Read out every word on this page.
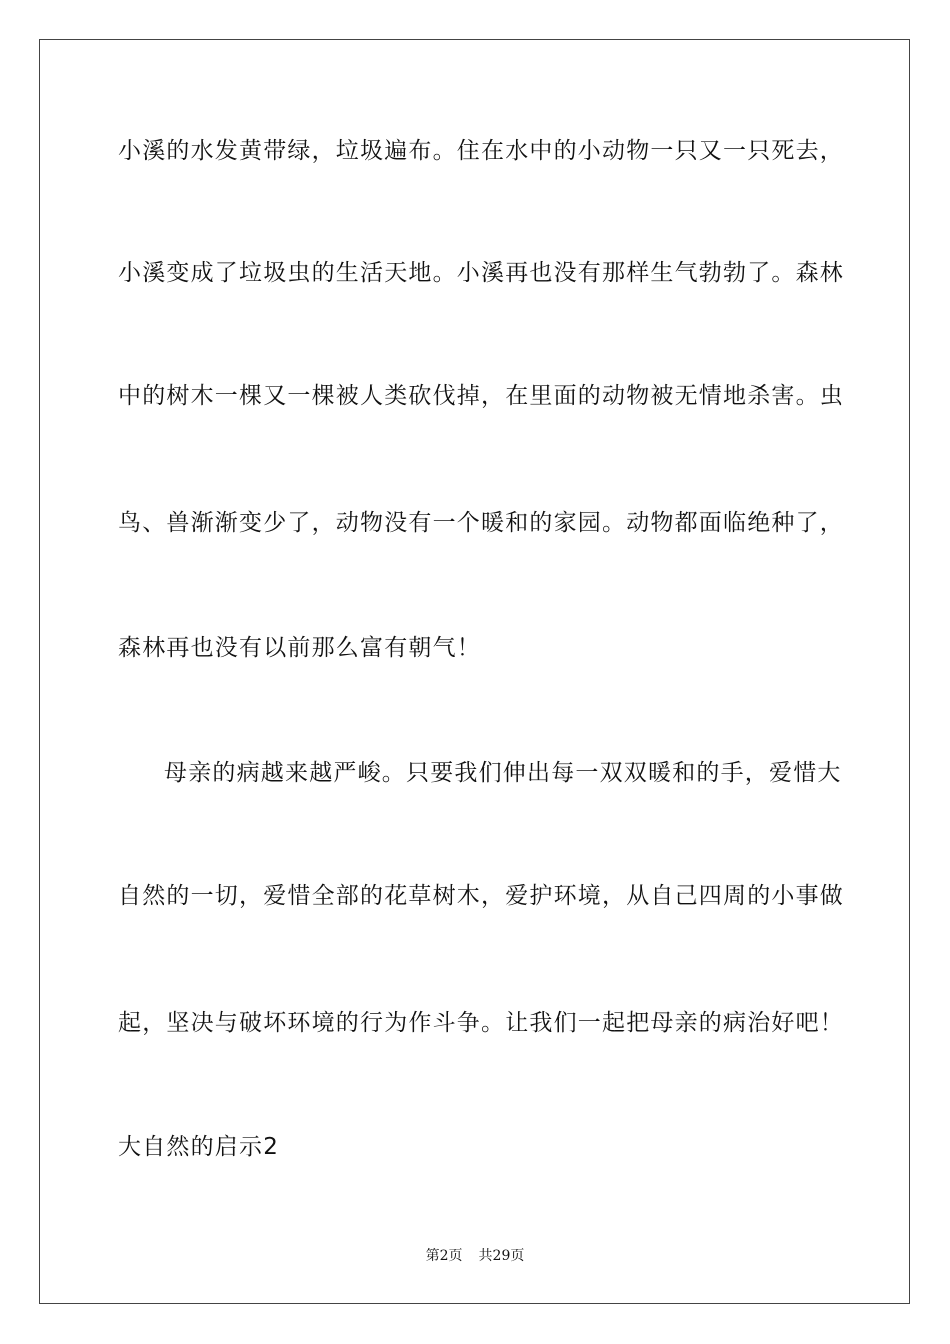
小溪的水发黄带绿，垃圾遍布。住在水中的小动物一只又一只死去，
小溪变成了垃圾虫的生活天地。小溪再也没有那样生气勃勃了。森林
中的树木一棵又一棵被人类砍伐掉，在里面的动物被无情地杀害。虫
鸟、兽渐渐变少了，动物没有一个暖和的家园。动物都面临绝种了，
森林再也没有以前那么富有朝气！
母亲的病越来越严峻。只要我们伸出每一双双暖和的手，爱惜大
自然的一切，爱惜全部的花草树木，爱护环境，从自己四周的小事做
起，坚决与破坏环境的行为作斗争。让我们一起把母亲的病治好吧！
大自然的启示2
第2页 共29页
